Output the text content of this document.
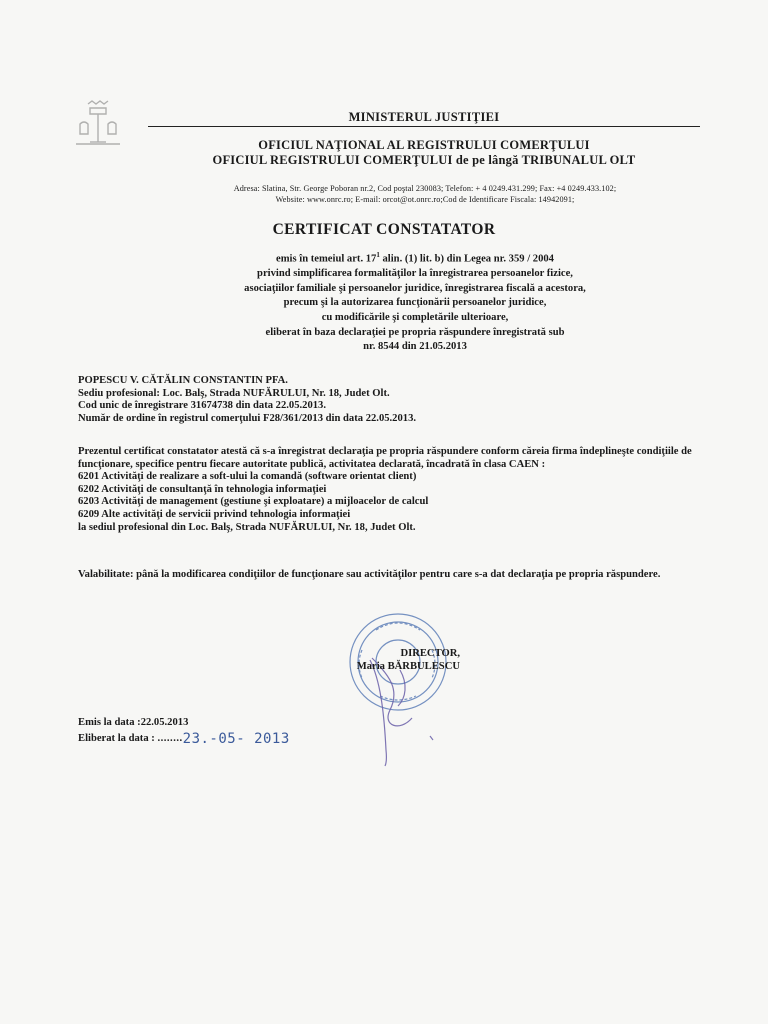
MINISTERUL JUSTIŢIEI
OFICIUL NAŢIONAL AL REGISTRULUI COMERŢULUI
OFICIUL REGISTRULUI COMERŢULUI de pe lângă TRIBUNALUL OLT
Adresa: Slatina, Str. George Poboran nr.2, Cod poştal 230083; Telefon: + 4 0249.431.299; Fax: +4 0249.433.102;
Website: www.onrc.ro; E-mail: orcot@ot.onrc.ro;Cod de Identificare Fiscala: 14942091;
CERTIFICAT CONSTATATOR
emis în temeiul art. $17^1$ alin. (1) lit. b) din Legea nr. 359 / 2004
privind simplificarea formalităţilor la înregistrarea persoanelor fizice,
asociaţiilor familiale şi persoanelor juridice, înregistrarea fiscală a acestora,
precum şi la autorizarea funcţionării persoanelor juridice,
cu modificările şi completările ulterioare,
eliberat în baza declaraţiei pe propria răspundere înregistrată sub
nr. 8544 din 21.05.2013
POPESCU V. CĂTĂLIN CONSTANTIN PFA.
Sediu profesional: Loc. Balş, Strada NUFĂRULUI, Nr. 18, Judet Olt.
Cod unic de înregistrare 31674738 din data 22.05.2013.
Număr de ordine în registrul comerţului F28/361/2013 din data 22.05.2013.
Prezentul certificat constatator atestă că s-a înregistrat declaraţia pe propria răspundere conform căreia firma îndeplineşte condiţiile de funcţionare, specifice pentru fiecare autoritate publică, activitatea declarată, încadrată în clasa CAEN :
6201 Activităţi de realizare a soft-ului la comandă (software orientat client)
6202 Activităţi de consultanţă în tehnologia informaţiei
6203 Activităţi de management (gestiune şi exploatare) a mijloacelor de calcul
6209 Alte activităţi de servicii privind tehnologia informaţiei
la sediul profesional din Loc. Balş, Strada NUFĂRULUI, Nr. 18, Judet Olt.
Valabilitate: până la modificarea condiţiilor de funcţionare sau activităţilor pentru care s-a dat declaraţia pe propria răspundere.
DIRECTOR,
Maria BĂRBULESCU
Emis la data :22.05.2013
Eliberat la data : ........23.-05- 2013
